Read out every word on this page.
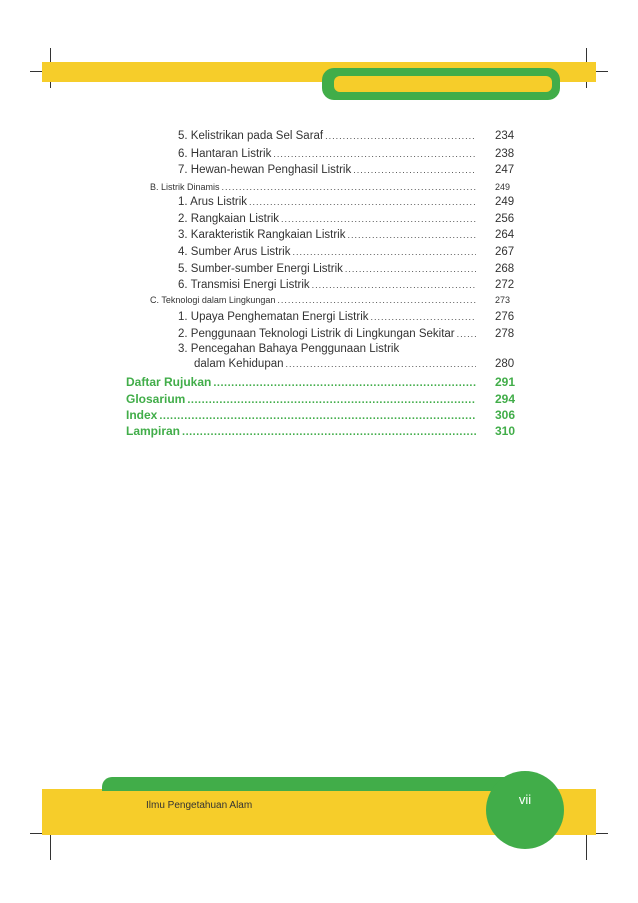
5. Kelistrikan pada Sel Saraf .....	234
6. Hantaran Listrik .....	238
7. Hewan-hewan Penghasil Listrik .....	247
B. Listrik Dinamis .....	249
1. Arus Listrik .....	249
2. Rangkaian Listrik .....	256
3. Karakteristik Rangkaian Listrik .....	264
4. Sumber Arus Listrik .....	267
5. Sumber-sumber Energi Listrik .....	268
6. Transmisi Energi Listrik .....	272
C. Teknologi dalam Lingkungan .....	273
1. Upaya Penghematan Energi Listrik .....	276
2. Penggunaan Teknologi Listrik di Lingkungan Sekitar .....	278
3. Pencegahan Bahaya Penggunaan Listrik
dalam Kehidupan .....	280
Daftar Rujukan .....	291
Glosarium .....	294
Index .....	306
Lampiran .....	310
Ilmu Pengetahuan Alam	vii
